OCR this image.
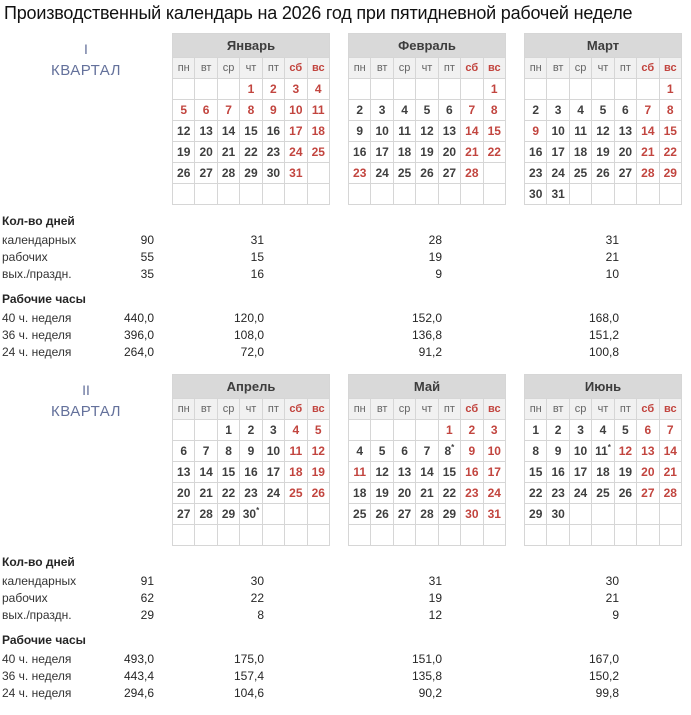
Производственный календарь на 2026 год при пятидневной рабочей неделе
I
КВАРТАЛ
Январь						
пн	вт	ср	чт	пт	сб	вс
			1	2	3	4
5	6	7	8	9	10	11
12	13	14	15	16	17	18
19	20	21	22	23	24	25
26	27	28	29	30	31	

Февраль						
пн	вт	ср	чт	пт	сб	вс
						1
2	3	4	5	6	7	8
9	10	11	12	13	14	15
16	17	18	19	20	21	22
23	24	25	26	27	28	

Март						
пн	вт	ср	чт	пт	сб	вс
						1
2	3	4	5	6	7	8
9	10	11	12	13	14	15
16	17	18	19	20	21	22
23	24	25	26	27	28	29
30	31					
Кол-во дней				
календарных	90	31	28	31
рабочих	55	15	19	21
вых./праздн.	35	16	9	10

Рабочие часы				
40 ч. неделя	440,0	120,0	152,0	168,0
36 ч. неделя	396,0	108,0	136,8	151,2
24 ч. неделя	264,0	72,0	91,2	100,8
II
КВАРТАЛ
Апрель						
пн	вт	ср	чт	пт	сб	вс
		1	2	3	4	5
6	7	8	9	10	11	12
13	14	15	16	17	18	19
20	21	22	23	24	25	26
27	28	29	30*			

Май						
пн	вт	ср	чт	пт	сб	вс
				1	2	3
4	5	6	7	8*	9	10
11	12	13	14	15	16	17
18	19	20	21	22	23	24
25	26	27	28	29	30	31

Июнь						
пн	вт	ср	чт	пт	сб	вс
1	2	3	4	5	6	7
8	9	10	11*	12	13	14
15	16	17	18	19	20	21
22	23	24	25	26	27	28
29	30					

Кол-во дней				
календарных	91	30	31	30
рабочих	62	22	19	21
вых./праздн.	29	8	12	9

Рабочие часы				
40 ч. неделя	493,0	175,0	151,0	167,0
36 ч. неделя	443,4	157,4	135,8	150,2
24 ч. неделя	294,6	104,6	90,2	99,8
